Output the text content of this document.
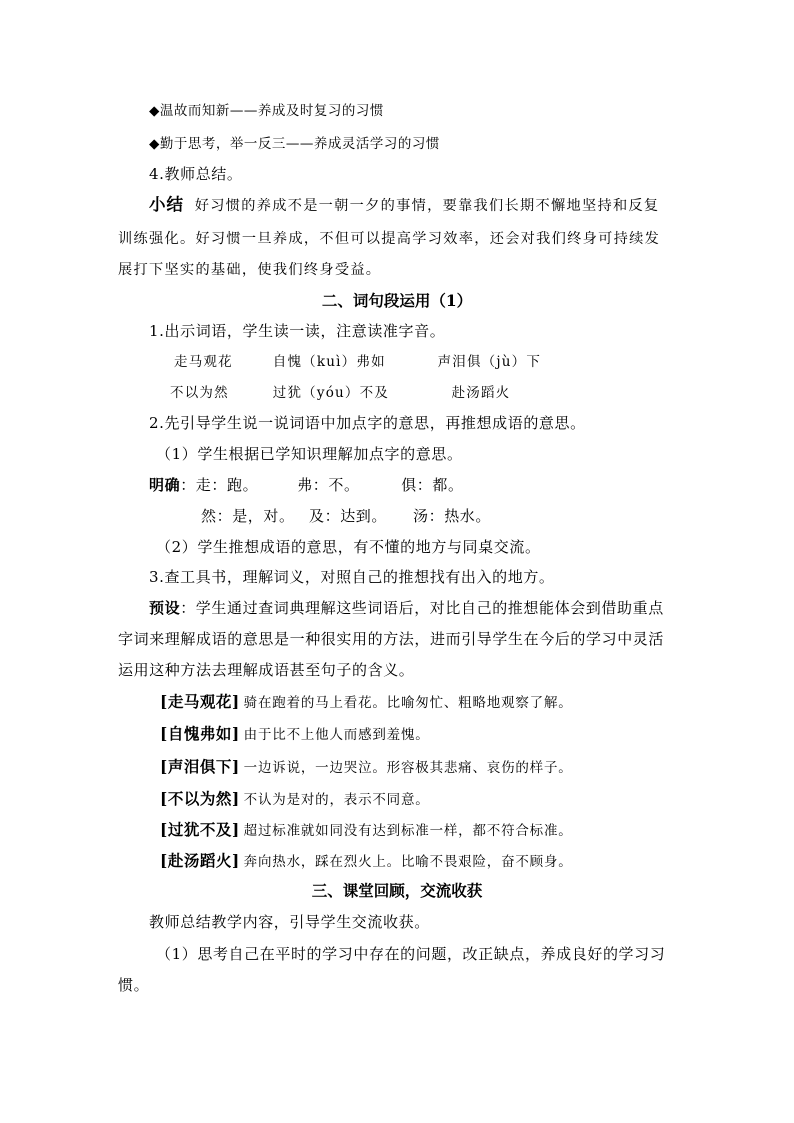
◆温故而知新——养成及时复习的习惯
◆勤于思考，举一反三——养成灵活学习的习惯
4.教师总结。
小结 好习惯的养成不是一朝一夕的事情，要靠我们长期不懈地坚持和反复
训练强化。好习惯一旦养成，不但可以提高学习效率，还会对我们终身可持续发
展打下坚实的基础，使我们终身受益。
二、词句段运用（1）
1.出示词语，学生读一读，注意读准字音。
走马观花	自愧（kuì）弗如	声泪俱（jù）下
不以为然	过犹（yóu）不及	赴汤蹈火
2.先引导学生说一说词语中加点字的意思，再推想成语的意思。
（1）学生根据已学知识理解加点字的意思。
明确：走：跑。	弗：不。	俱：都。
然：是，对。 及：达到。 汤：热水。
（2）学生推想成语的意思，有不懂的地方与同桌交流。
3.查工具书，理解词义，对照自己的推想找有出入的地方。
预设：学生通过查词典理解这些词语后，对比自己的推想能体会到借助重点
字词来理解成语的意思是一种很实用的方法，进而引导学生在今后的学习中灵活
运用这种方法去理解成语甚至句子的含义。
[走马观花] 骑在跑着的马上看花。比喻匆忙、粗略地观察了解。
[自愧弗如] 由于比不上他人而感到羞愧。
[声泪俱下] 一边诉说，一边哭泣。形容极其悲痛、哀伤的样子。
[不以为然] 不认为是对的，表示不同意。
[过犹不及] 超过标准就如同没有达到标准一样，都不符合标准。
[赴汤蹈火] 奔向热水，踩在烈火上。比喻不畏艰险，奋不顾身。
三、课堂回顾，交流收获
教师总结教学内容，引导学生交流收获。
（1）思考自己在平时的学习中存在的问题，改正缺点，养成良好的学习习
惯。
